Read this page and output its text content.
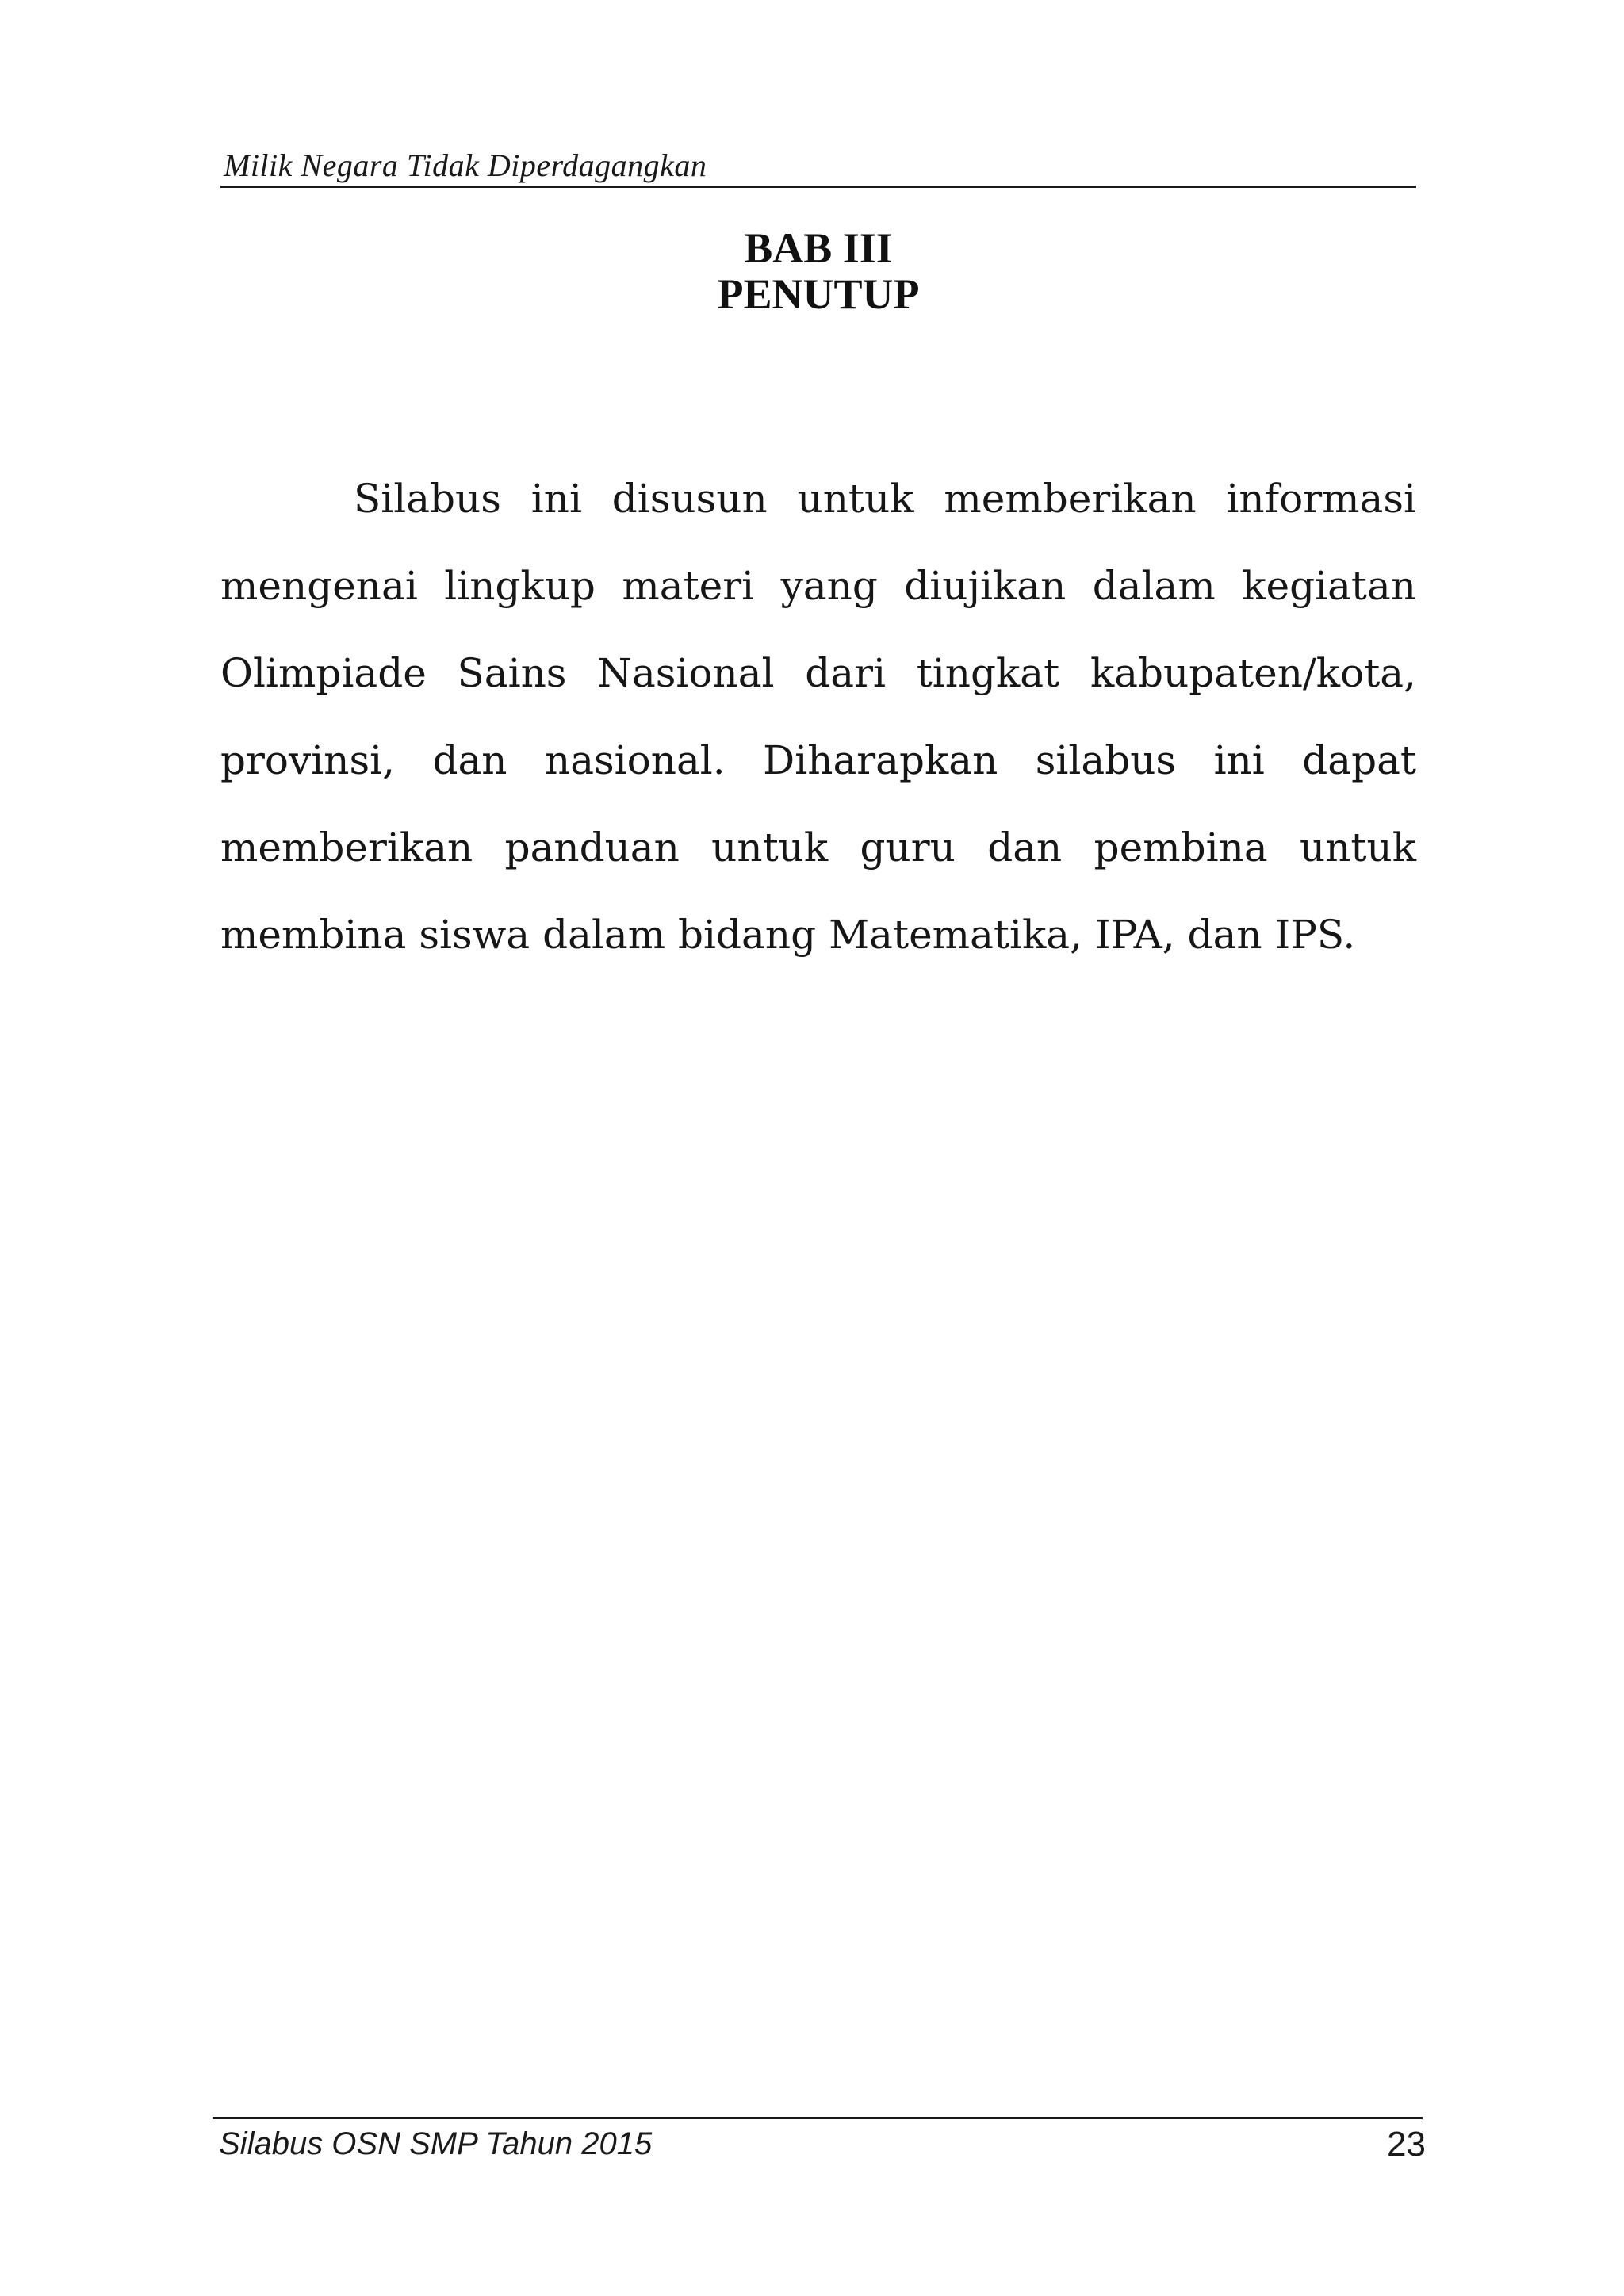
Milik Negara Tidak Diperdagangkan
BAB III
PENUTUP
Silabus ini disusun untuk memberikan informasi
mengenai lingkup materi yang diujikan dalam kegiatan
Olimpiade Sains Nasional dari tingkat kabupaten/kota,
provinsi, dan nasional. Diharapkan silabus ini dapat
memberikan panduan untuk guru dan pembina untuk
membina siswa dalam bidang Matematika, IPA, dan IPS.
Silabus OSN SMP Tahun 2015	23
